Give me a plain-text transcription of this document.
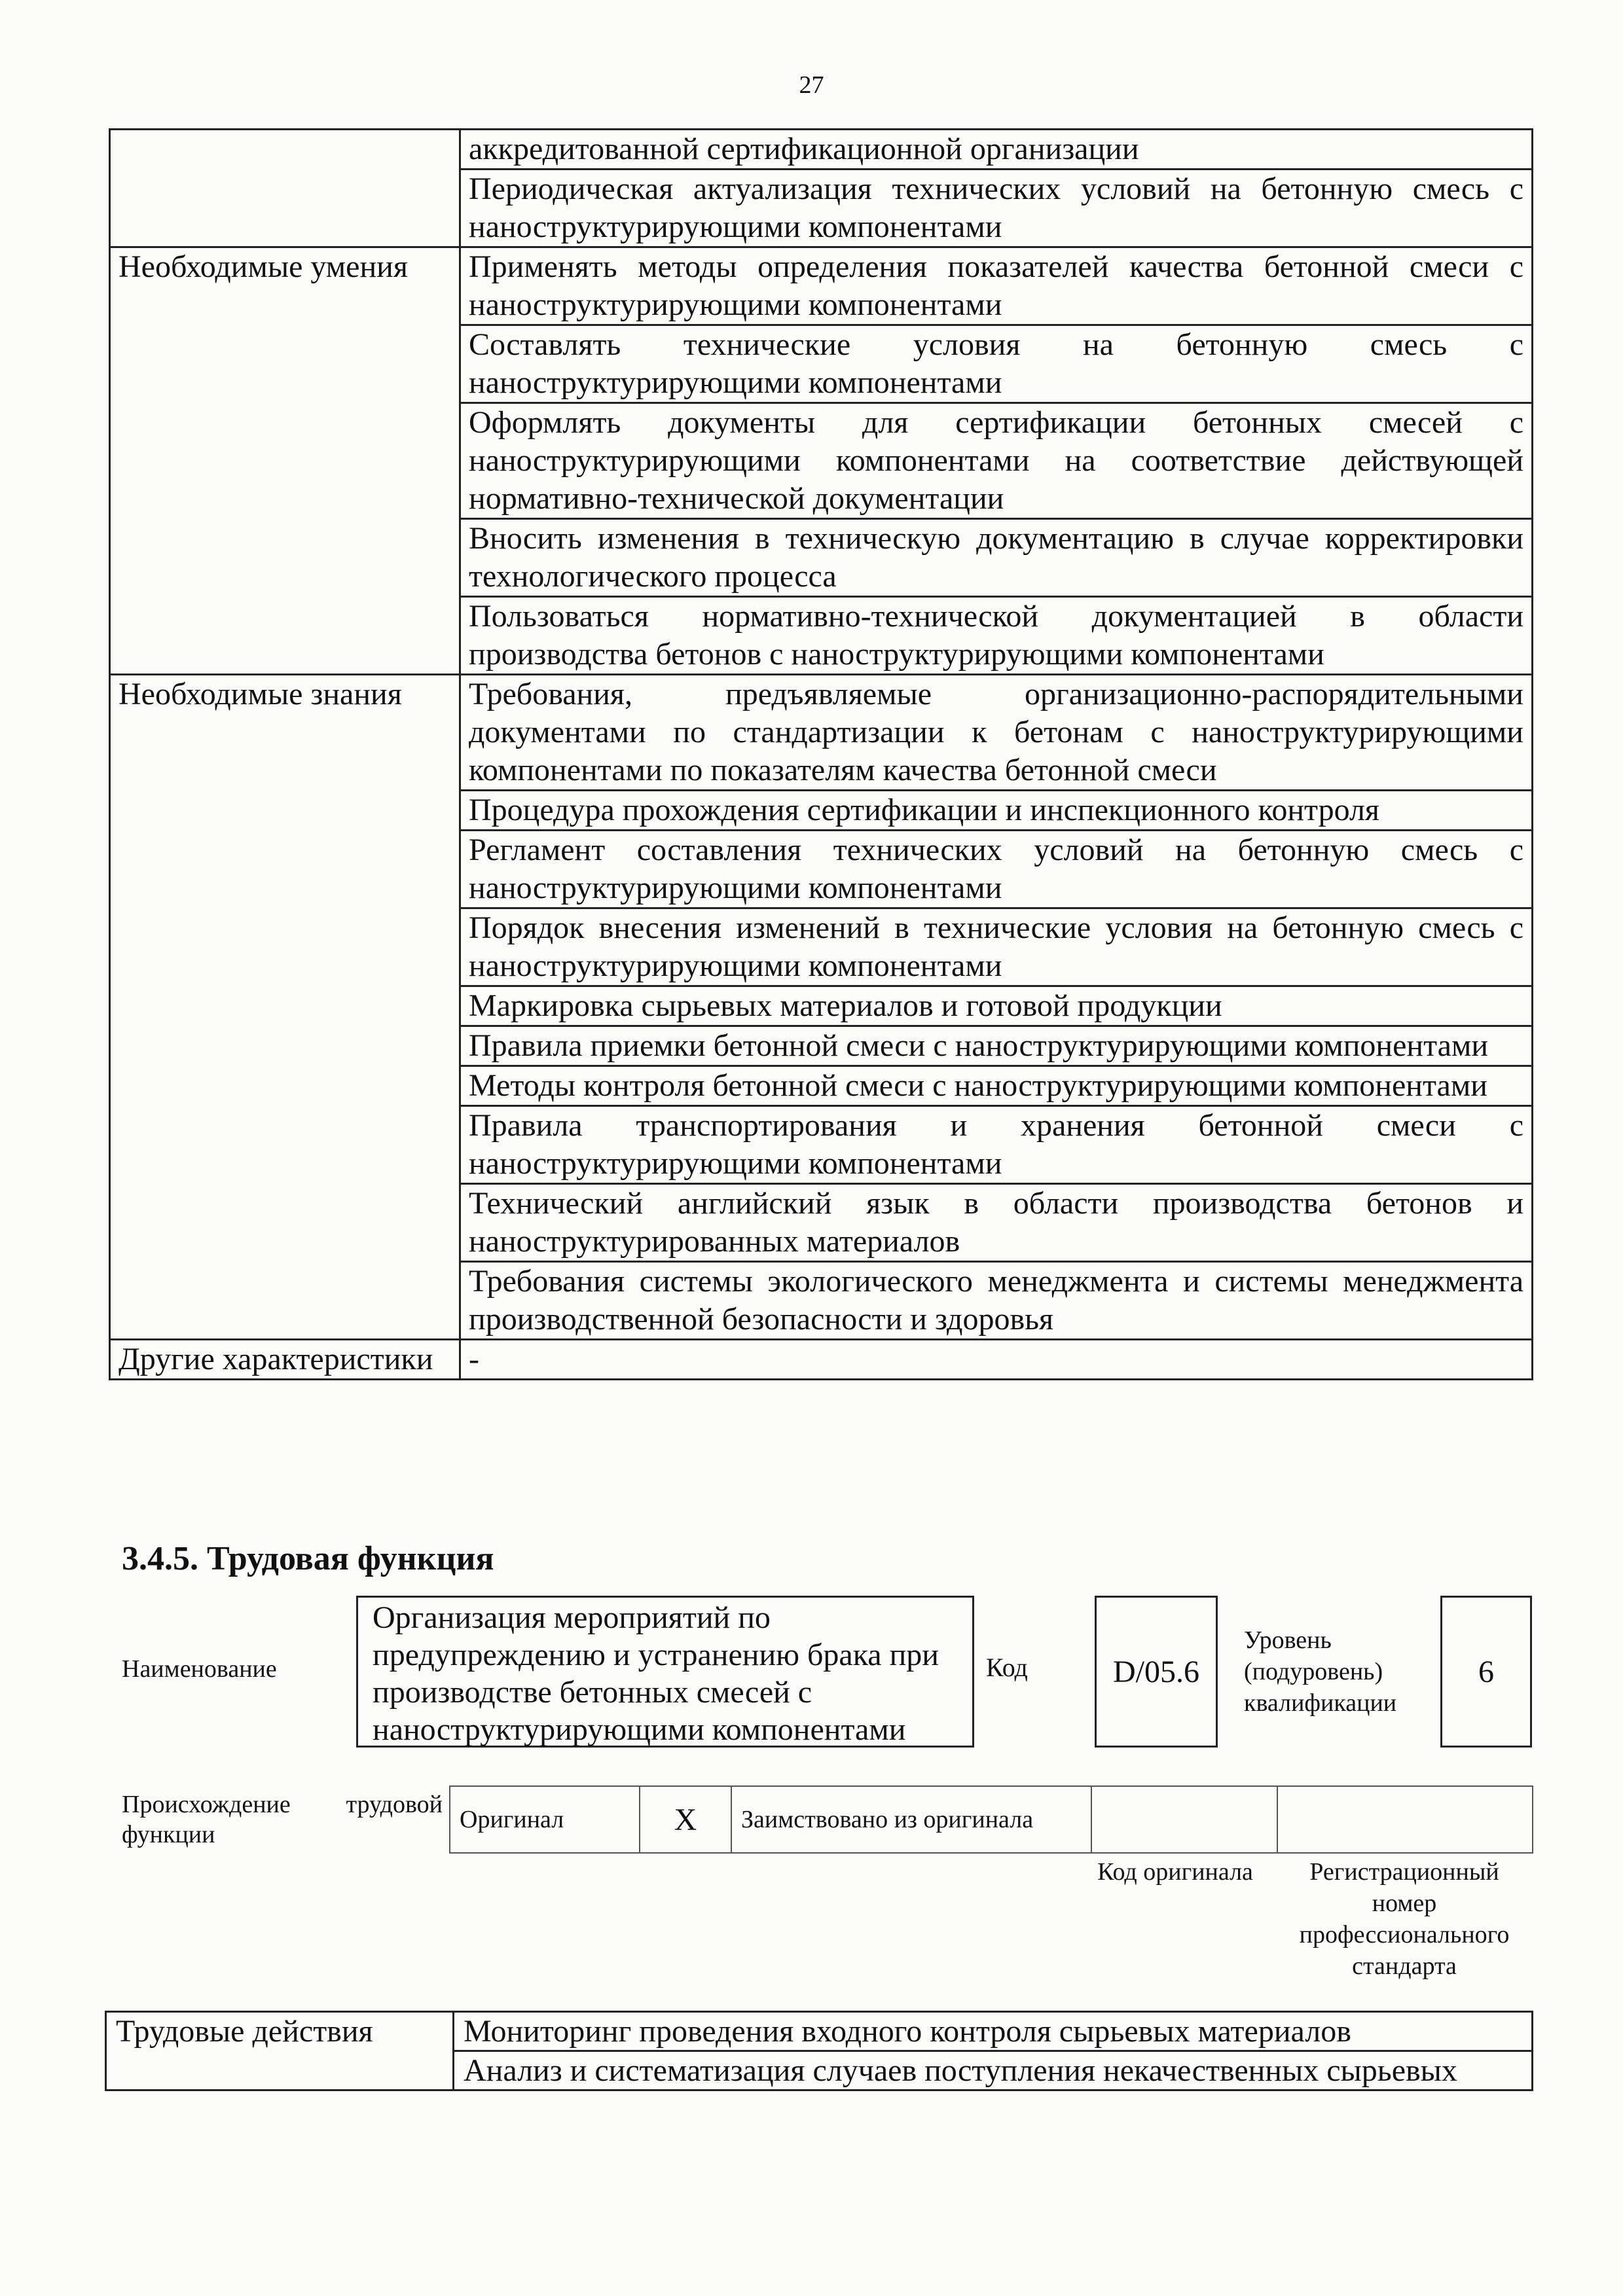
27
	аккредитованной сертификационной организации
	Периодическая актуализация технических условий на бетонную смесь с наноструктурирующими компонентами
Необходимые умения	Применять методы определения показателей качества бетонной смеси с наноструктурирующими компонентами
	Составлять технические условия на бетонную смесь с наноструктурирующими компонентами
	Оформлять документы для сертификации бетонных смесей с наноструктурирующими компонентами на соответствие действующей нормативно-технической документации
	Вносить изменения в техническую документацию в случае корректировки технологического процесса
	Пользоваться нормативно-технической документацией в области производства бетонов с наноструктурирующими компонентами
Необходимые знания	Требования, предъявляемые организационно-распорядительными документами по стандартизации к бетонам с наноструктурирующими компонентами по показателям качества бетонной смеси
	Процедура прохождения сертификации и инспекционного контроля
	Регламент составления технических условий на бетонную смесь с наноструктурирующими компонентами
	Порядок внесения изменений в технические условия на бетонную смесь с наноструктурирующими компонентами
	Маркировка сырьевых материалов и готовой продукции
	Правила приемки бетонной смеси с наноструктурирующими компонентами
	Методы контроля бетонной смеси с наноструктурирующими компонентами
	Правила транспортирования и хранения бетонной смеси с наноструктурирующими компонентами
	Технический английский язык в области производства бетонов и наноструктурированных материалов
	Требования системы экологического менеджмента и системы менеджмента производственной безопасности и здоровья
Другие характеристики	-
3.4.5. Трудовая функция
Наименование
Организация мероприятий по предупреждению и устранению брака при производстве бетонных смесей с наноструктурирующими компонентами
Код	D/05.6
Уровень (подуровень) квалификации
6
Происхождение трудовой функции
Оригинал	X	Заимствовано из оригинала		
Код оригинала	Регистрационный номер профессионального стандарта
Трудовые действия	Мониторинг проведения входного контроля сырьевых материалов
Анализ и систематизация случаев поступления некачественных сырьевых
